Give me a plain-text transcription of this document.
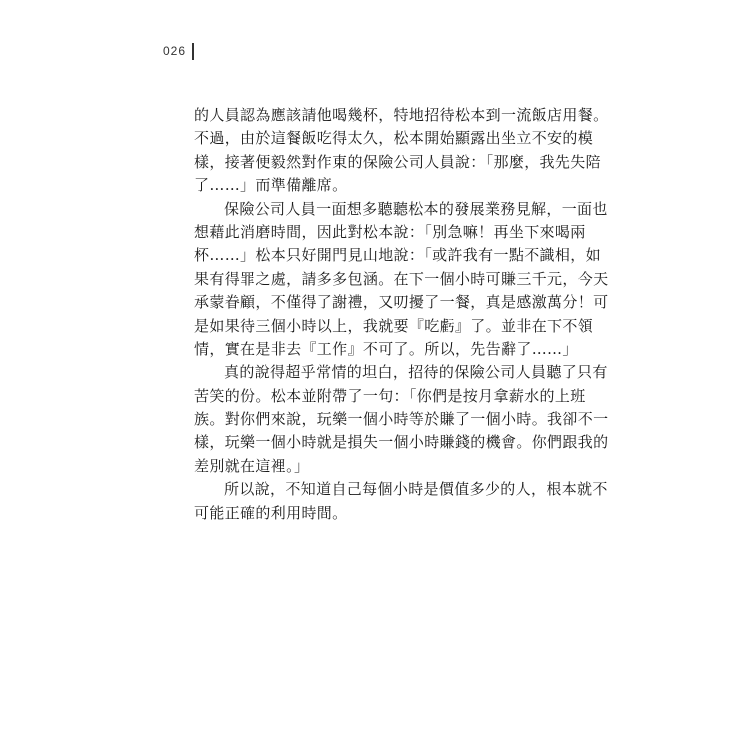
026
的人員認為應該請他喝幾杯，特地招待松本到一流飯店用餐。
不過，由於這餐飯吃得太久，松本開始顯露出坐立不安的模
樣，接著便毅然對作東的保險公司人員說：「那麼，我先失陪
了……」而準備離席。
保險公司人員一面想多聽聽松本的發展業務見解，一面也
想藉此消磨時間，因此對松本說：「別急嘛！再坐下來喝兩
杯……」松本只好開門見山地說：「或許我有一點不識相，如
果有得罪之處，請多多包涵。在下一個小時可賺三千元，今天
承蒙眷顧，不僅得了謝禮，又叨擾了一餐，真是感激萬分！可
是如果待三個小時以上，我就要『吃虧』了。並非在下不領
情，實在是非去『工作』不可了。所以，先告辭了……」
真的說得超乎常情的坦白，招待的保險公司人員聽了只有
苦笑的份。松本並附帶了一句：「你們是按月拿薪水的上班
族。對你們來說，玩樂一個小時等於賺了一個小時。我卻不一
樣，玩樂一個小時就是損失一個小時賺錢的機會。你們跟我的
差別就在這裡。」
所以說，不知道自己每個小時是價值多少的人，根本就不
可能正確的利用時間。
